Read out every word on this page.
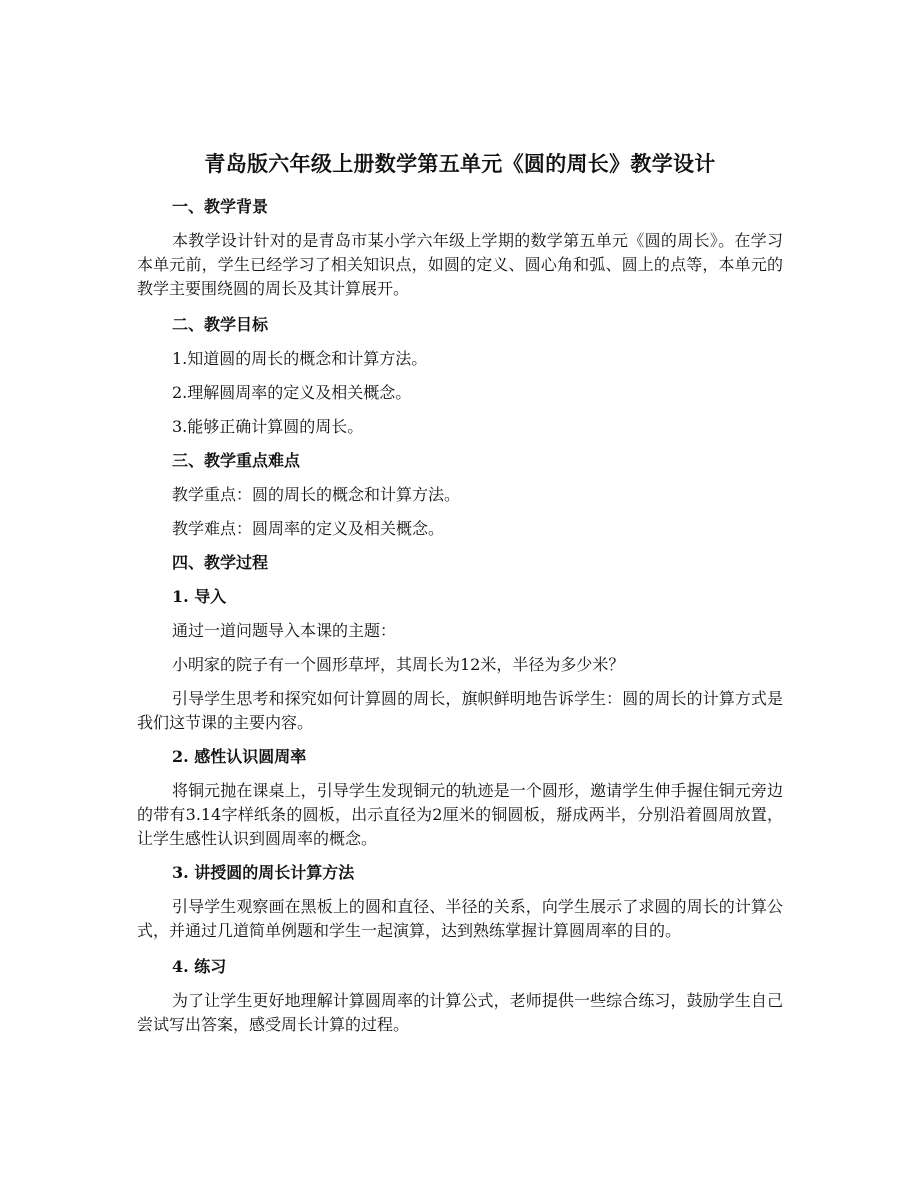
青岛版六年级上册数学第五单元《圆的周长》教学设计
一、教学背景

本教学设计针对的是青岛市某小学六年级上学期的数学第五单元《圆的周长》。在学习本单元前，学生已经学习了相关知识点，如圆的定义、圆心角和弧、圆上的点等，本单元的教学主要围绕圆的周长及其计算展开。

二、教学目标
1.知道圆的周长的概念和计算方法。
2.理解圆周率的定义及相关概念。
3.能够正确计算圆的周长。
三、教学重点难点
教学重点：圆的周长的概念和计算方法。
教学难点：圆周率的定义及相关概念。
四、教学过程
1. 导入
通过一道问题导入本课的主题：
小明家的院子有一个圆形草坪，其周长为12米，半径为多少米？

引导学生思考和探究如何计算圆的周长，旗帜鲜明地告诉学生：圆的周长的计算方式是我们这节课的主要内容。

2. 感性认识圆周率

将铜元抛在课桌上，引导学生发现铜元的轨迹是一个圆形，邀请学生伸手握住铜元旁边的带有3.14字样纸条的圆板，出示直径为2厘米的铜圆板，掰成两半，分别沿着圆周放置，让学生感性认识到圆周率的概念。

3. 讲授圆的周长计算方法

引导学生观察画在黑板上的圆和直径、半径的关系，向学生展示了求圆的周长的计算公式，并通过几道简单例题和学生一起演算，达到熟练掌握计算圆周率的目的。

4. 练习

为了让学生更好地理解计算圆周率的计算公式，老师提供一些综合练习，鼓励学生自己尝试写出答案，感受周长计算的过程。
